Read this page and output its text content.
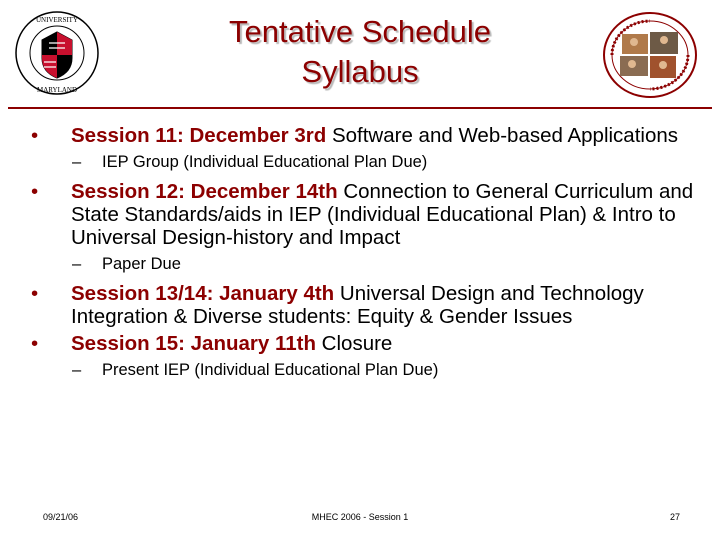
UNIVERSITY
MARYLAND
Tentative Schedule
Syllabus
• Session 11: December 3rd Software and Web-based Applications
– IEP Group (Individual Educational Plan Due)
• Session 12: December 14th Connection to General Curriculum and State Standards/aids in IEP (Individual Educational Plan) & Intro to Universal Design-history and Impact
– Paper Due
• Session 13/14: January 4th Universal Design and Technology Integration & Diverse students: Equity & Gender Issues
• Session 15: January 11th Closure
– Present IEP (Individual Educational Plan Due)
09/21/06	MHEC 2006 - Session 1	27
